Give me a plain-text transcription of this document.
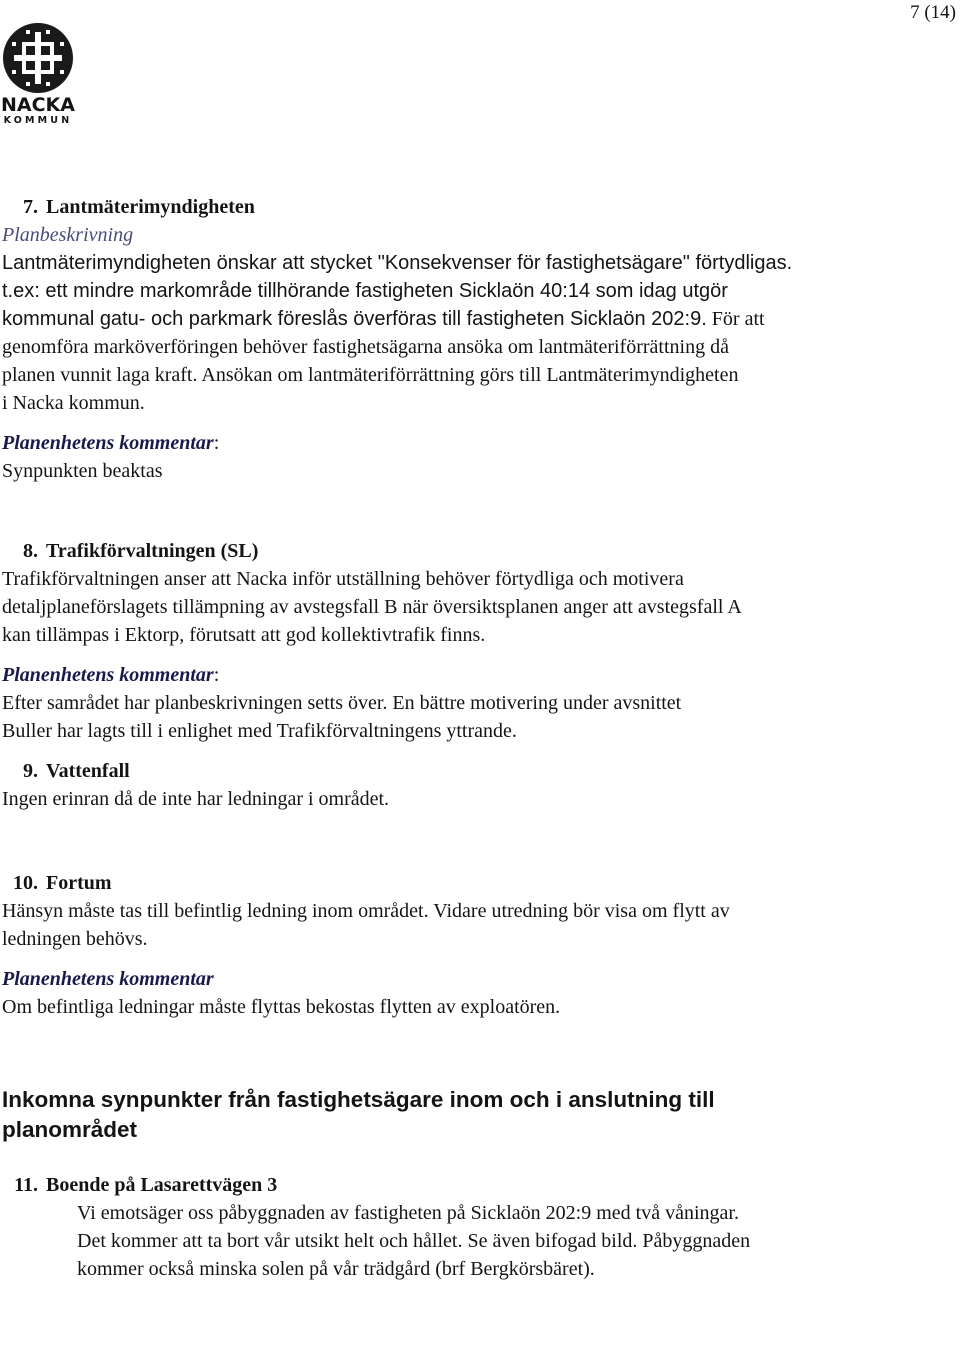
7 (14)
NACKA
KOMMUN
7. Lantmäterimyndigheten

Planbeskrivning

Lantmäterimyndigheten önskar att stycket "Konsekvenser för fastighetsägare" förtydligas.

t.ex: ett mindre markområde tillhörande fastigheten Sicklaön 40:14 som idag utgör

kommunal gatu- och parkmark föreslås överföras till fastigheten Sicklaön 202:9. För att

genomföra marköverföringen behöver fastighetsägarna ansöka om lantmäteriförrättning då

planen vunnit laga kraft. Ansökan om lantmäteriförrättning görs till Lantmäterimyndigheten

i Nacka kommun.

Planenhetens kommentar:

Synpunkten beaktas

8. Trafikförvaltningen (SL)

Trafikförvaltningen anser att Nacka inför utställning behöver förtydliga och motivera

detaljplaneförslagets tillämpning av avstegsfall B när översiktsplanen anger att avstegsfall A

kan tillämpas i Ektorp, förutsatt att god kollektivtrafik finns.

Planenhetens kommentar:

Efter samrådet har planbeskrivningen setts över. En bättre motivering under avsnittet

Buller har lagts till i enlighet med Trafikförvaltningens yttrande.

9. Vattenfall

Ingen erinran då de inte har ledningar i området.

10. Fortum

Hänsyn måste tas till befintlig ledning inom området. Vidare utredning bör visa om flytt av

ledningen behövs.

Planenhetens kommentar

Om befintliga ledningar måste flyttas bekostas flytten av exploatören.

Inkomna synpunkter från fastighetsägare inom och i anslutning till

planområdet

11. Boende på Lasarettvägen 3

Vi emotsäger oss påbyggnaden av fastigheten på Sicklaön 202:9 med två våningar.

Det kommer att ta bort vår utsikt helt och hållet. Se även bifogad bild. Påbyggnaden

kommer också minska solen på vår trädgård (brf Bergkörsbäret).
